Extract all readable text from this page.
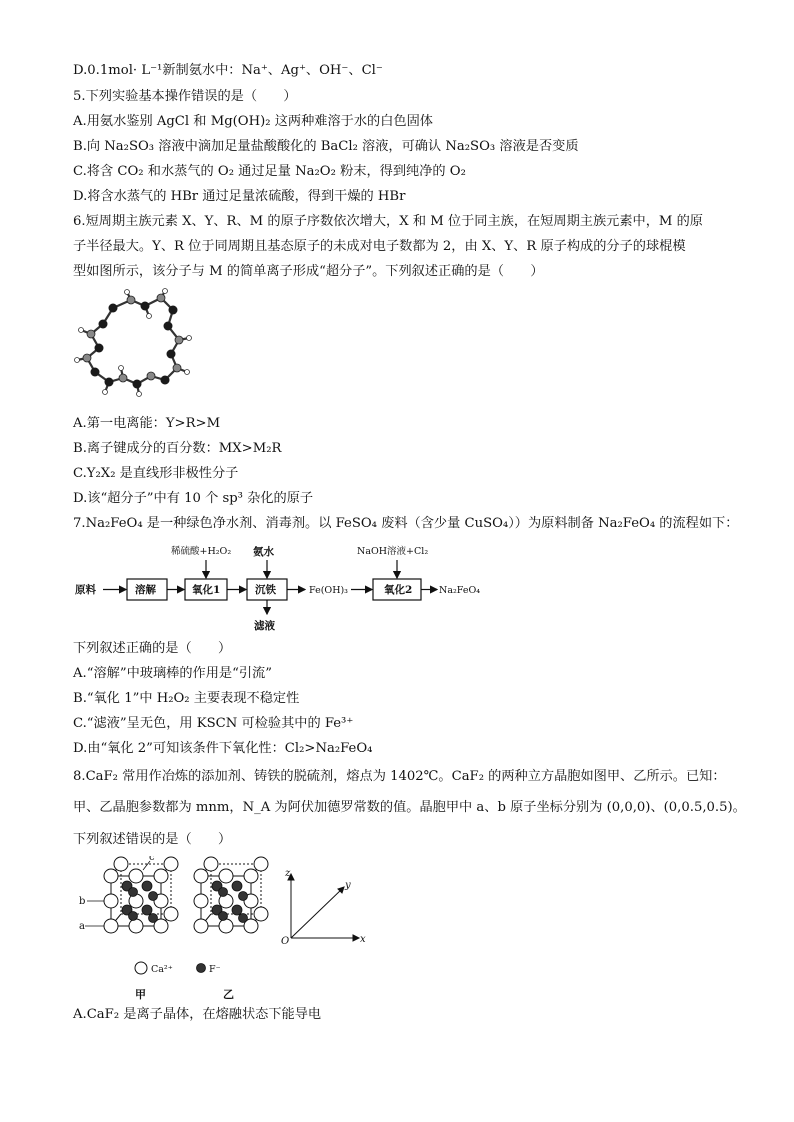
D.0.1mol· L⁻¹新制氨水中：Na⁺、Ag⁺、OH⁻、Cl⁻
5.下列实验基本操作错误的是（　　）
A.用氨水鉴别 AgCl 和 Mg(OH)₂ 这两种难溶于水的白色固体
B.向 Na₂SO₃ 溶液中滴加足量盐酸酸化的 BaCl₂ 溶液，可确认 Na₂SO₃ 溶液是否变质
C.将含 CO₂ 和水蒸气的 O₂ 通过足量 Na₂O₂ 粉末，得到纯净的 O₂
D.将含水蒸气的 HBr 通过足量浓硫酸，得到干燥的 HBr
6.短周期主族元素 X、Y、R、M 的原子序数依次增大，X 和 M 位于同主族，在短周期主族元素中，M 的原
子半径最大。Y、R 位于同周期且基态原子的未成对电子数都为 2，由 X、Y、R 原子构成的分子的球棍模
型如图所示，该分子与 M 的简单离子形成“超分子”。下列叙述正确的是（　　）
A.第一电离能：Y>R>M
B.离子键成分的百分数：MX>M₂R
C.Y₂X₂ 是直线形非极性分子
D.该“超分子”中有 10 个 sp³ 杂化的原子
7.Na₂FeO₄ 是一种绿色净水剂、消毒剂。以 FeSO₄ 废料（含少量 CuSO₄））为原料制备 Na₂FeO₄ 的流程如下：
原料	溶解	氧化1	沉铁	氧化2
滤液
氨水
稀硫酸+H₂O₂	NaOH溶液+Cl₂
Fe(OH)₃	Na₂FeO₄
下列叙述正确的是（　　）
A.“溶解”中玻璃棒的作用是“引流”
B.“氧化 1”中 H₂O₂ 主要表现不稳定性
C.“滤液”呈无色，用 KSCN 可检验其中的 Fe³⁺
D.由“氧化 2”可知该条件下氧化性：Cl₂>Na₂FeO₄
8.CaF₂ 常用作冶炼的添加剂、铸铁的脱硫剂，熔点为 1402℃。CaF₂ 的两种立方晶胞如图甲、乙所示。已知：
甲、乙晶胞参数都为 mnm，N_A 为阿伏加德罗常数的值。晶胞甲中 a、b 原子坐标分别为 (0,0,0)、(0,0.5,0.5)。
下列叙述错误的是（　　）
a
b
c
z
y
x
O
Ca²⁺	F⁻
甲	乙
A.CaF₂ 是离子晶体，在熔融状态下能导电
